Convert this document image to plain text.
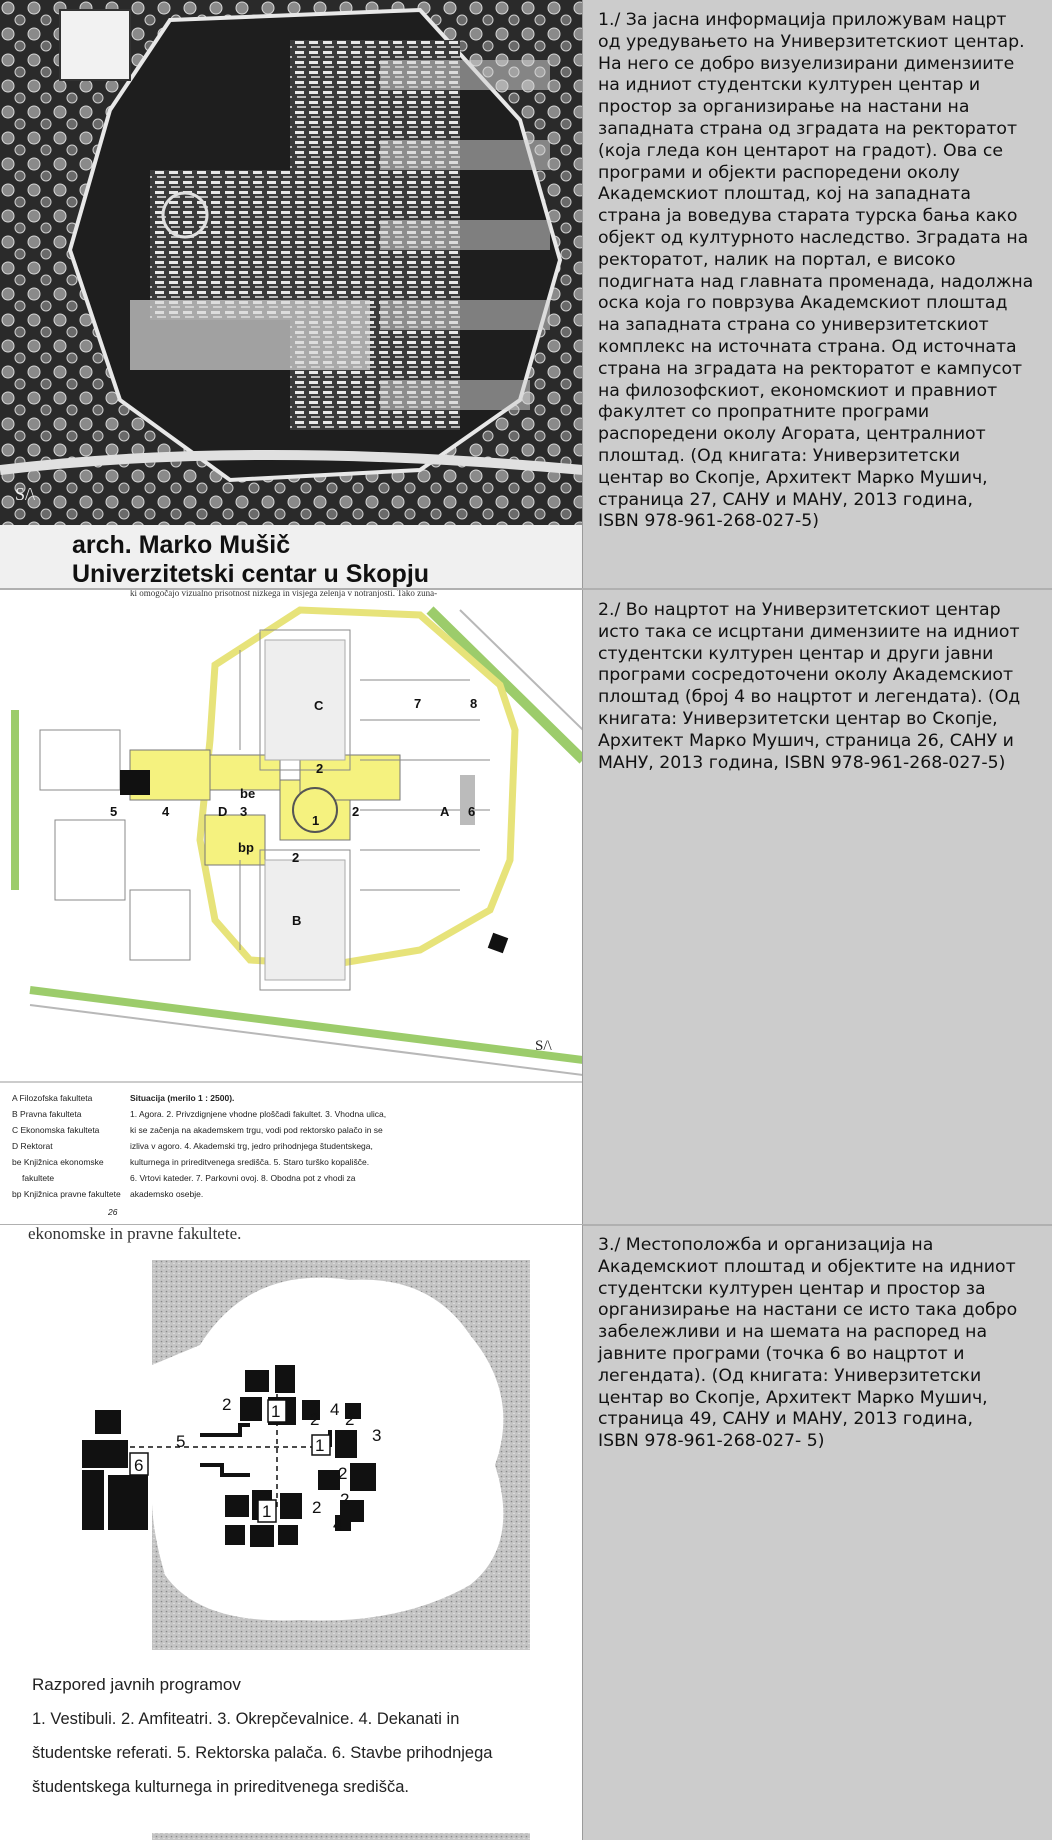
S/\
arch. Marko Mušič
Univerzitetski centar u Skopju
1./ За јасна информација приложувам нацрт
од уредувањето на Универзитетскиот центар.
На него се добро визуелизирани димензиите
на идниот студентски културен центар и
простор за организирање на настани на
западната страна од зградата на ректоратот
(која гледа кон центарот на градот). Ова се
програми и објекти распоредени околу
Академскиот плоштад, кој на западната
страна ја воведува старата турска бања како
објект од културното наследство. Зградата на
ректоратот, налик на портал, е високо
подигната над главната променада, надолжна
оска која го поврзува Академскиот плоштад
на западната страна со универзитетскиот
комплекс на источната страна. Од источната
страна на зградата на ректоратот е кампусот
на филозофскиот, економскиот и правниот
факултет со пропратните програми
распоредени околу Агората, централниот
плоштад. (Од книгата: Универзитетски
центар во Скопје, Архитект Марко Мушич,
страница 27, САНУ и МАНУ, 2013 година,
ISBN 978-961-268-027-5)
ki omogočajo vizualno prisotnost nizkega in visjega zelenja v notranjosti. Tako zuna-
C
2
be
D 3
1
2
bp
2
B
A 6
5	4
7	8
S/\
A Filozofska fakulteta
B Pravna fakulteta
C Ekonomska fakulteta
D Rektorat
be Knjižnica ekonomske
fakultete
bp Knjižnica pravne fakultete
Situacija (merilo 1 : 2500).
1. Agora. 2. Privzdignjene vhodne ploščadi fakultet. 3. Vhodna ulica,
ki se začenja na akademskem trgu, vodi pod rektorsko palačo in se
izliva v agoro. 4. Akademski trg, jedro prihodnjega študentskega,
kulturnega in prireditvenega središča. 5. Staro turško kopališče.
6. Vrtovi kateder. 7. Parkovni ovoj. 8. Obodna pot z vhodi za
akademsko osebje.
26
2./ Во нацртот на Универзитетскиот центар
исто така се исцртани димензиите на идниот
студентски културен центар и други јавни
програми сосредоточени околу Академскиот
плоштад (број 4 во нацртот и легендата). (Од
книгата: Универзитетски центар во Скопје,
Архитект Марко Мушич, страница 26, САНУ и
МАНУ, 2013 година, ISBN 978-961-268-027-5)
ekonomske in pravne fakultete.
2 1	4
2 2
3
5
6
1
2
1 2 2
4
Razpored javnih programov
1. Vestibuli. 2. Amfiteatri. 3. Okrepčevalnice. 4. Dekanati in
študentske referati. 5. Rektorska palača. 6. Stavbe prihodnjega
študentskega kulturnega in prireditvenega središča.
3./ Местоположба и организација на
Академскиот плоштад и објектите на идниот
студентски културен центар и простор за
организирање на настани се исто така добро
забележливи и на шемата на распоред на
јавните програми (точка 6 во нацртот и
легендата). (Од книгата: Универзитетски
центар во Скопје, Архитект Марко Мушич,
страница 49, САНУ и МАНУ, 2013 година,
ISBN 978-961-268-027- 5)
